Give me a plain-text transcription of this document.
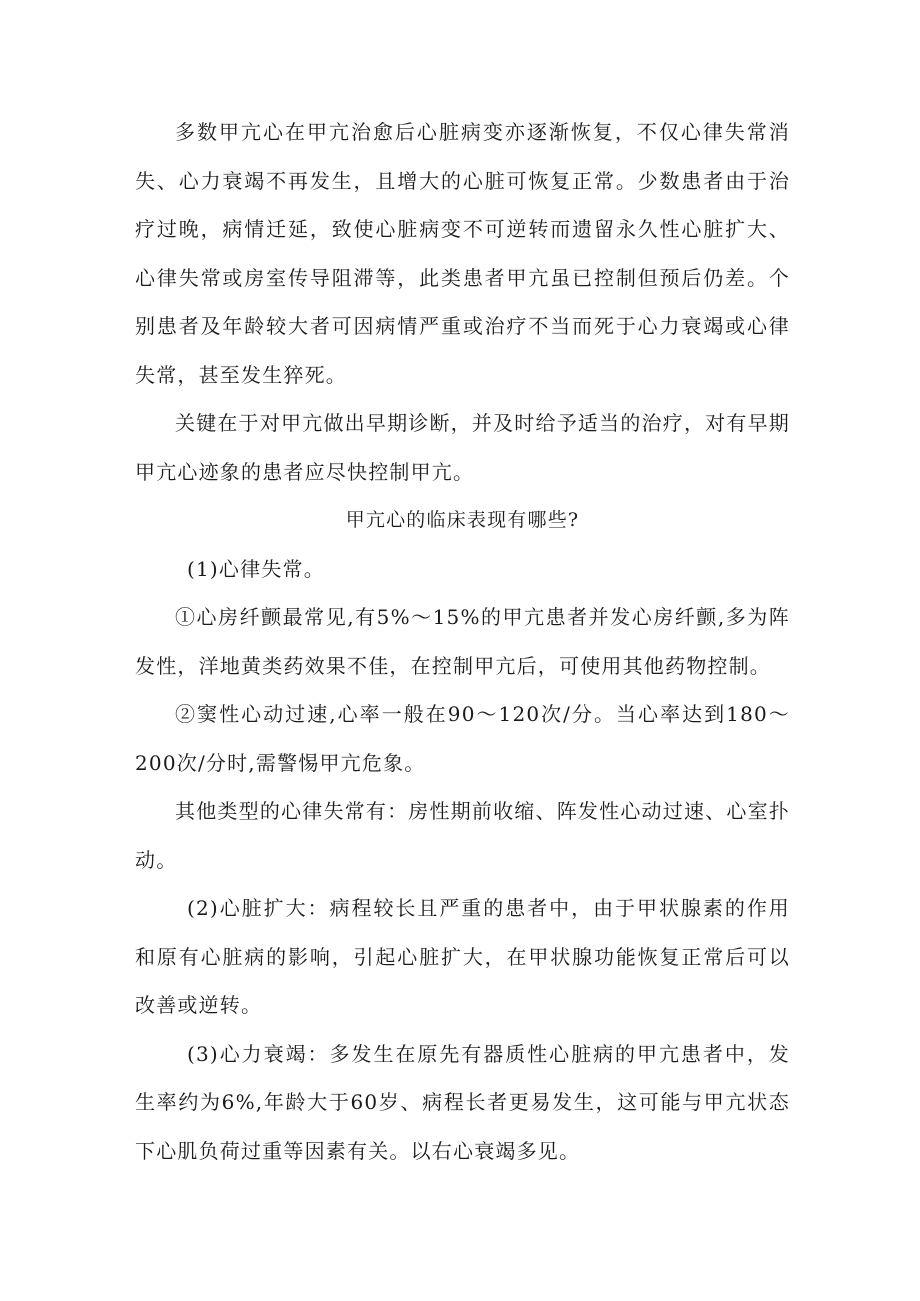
多数甲亢心在甲亢治愈后心脏病变亦逐渐恢复，不仅心律失常消失、心力衰竭不再发生，且增大的心脏可恢复正常。少数患者由于治疗过晚，病情迁延，致使心脏病变不可逆转而遗留永久性心脏扩大、心律失常或房室传导阻滞等，此类患者甲亢虽已控制但预后仍差。个别患者及年龄较大者可因病情严重或治疗不当而死于心力衰竭或心律失常，甚至发生猝死。

关键在于对甲亢做出早期诊断，并及时给予适当的治疗，对有早期甲亢心迹象的患者应尽快控制甲亢。

甲亢心的临床表现有哪些?

(1)心律失常。

①心房纤颤最常见,有5%～15%的甲亢患者并发心房纤颤,多为阵发性，洋地黄类药效果不佳，在控制甲亢后，可使用其他药物控制。

②窦性心动过速,心率一般在90～120次/分。当心率达到180～200次/分时,需警惕甲亢危象。

其他类型的心律失常有：房性期前收缩、阵发性心动过速、心室扑动。

(2)心脏扩大：病程较长且严重的患者中，由于甲状腺素的作用和原有心脏病的影响，引起心脏扩大，在甲状腺功能恢复正常后可以改善或逆转。

(3)心力衰竭：多发生在原先有器质性心脏病的甲亢患者中，发生率约为6%,年龄大于60岁、病程长者更易发生，这可能与甲亢状态下心肌负荷过重等因素有关。以右心衰竭多见。
